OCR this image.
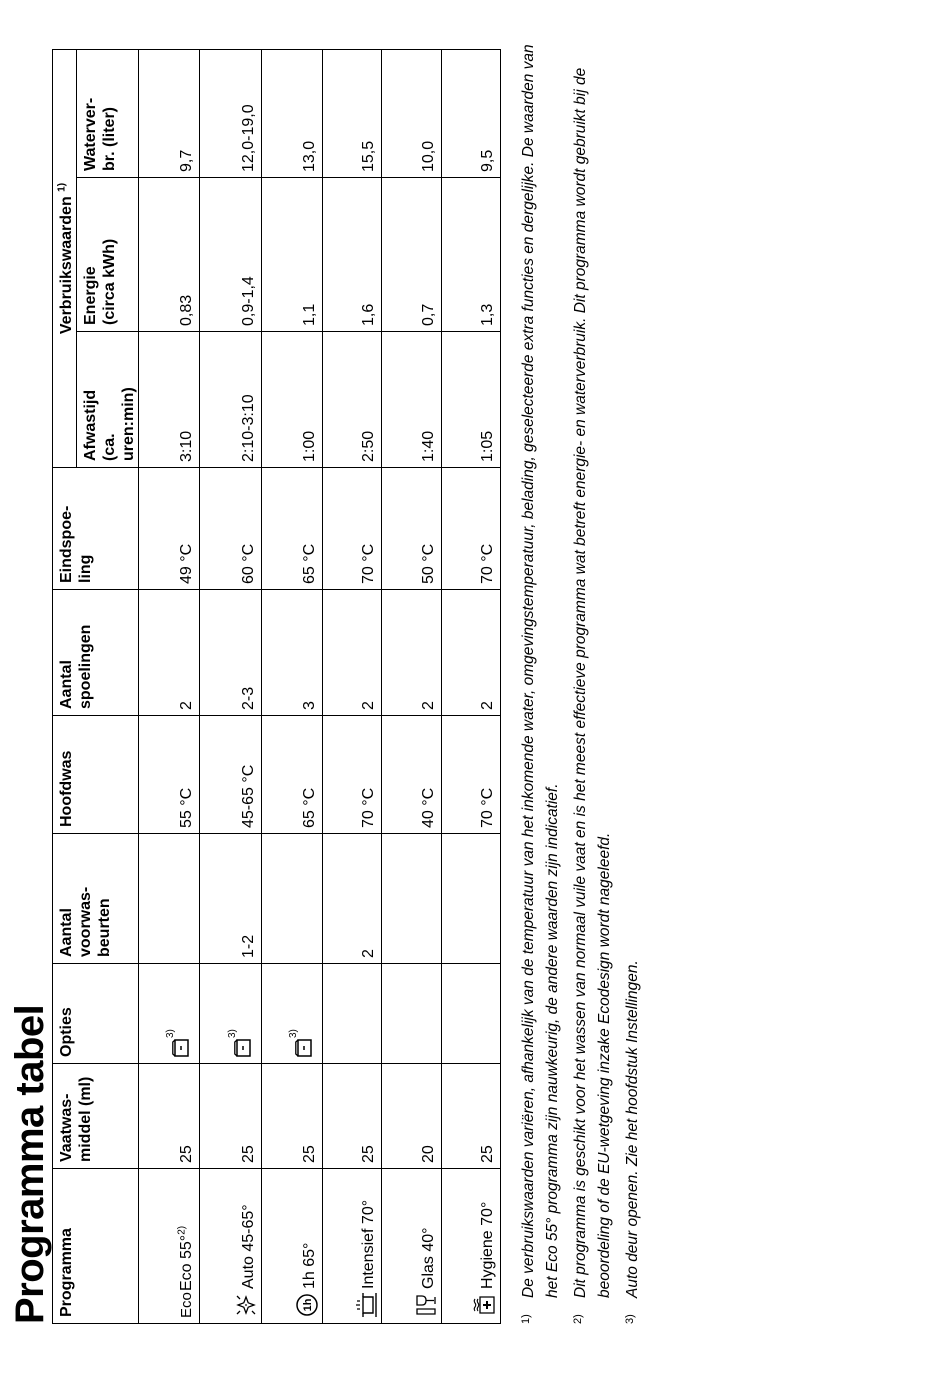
Programma tabel Programma	Vaatwas- middel (ml)	Opties	Aantal voorwas- beurten	Hoofdwas	Aantal spoelingen	Eindspoe- ling	Verbruikswaarden $^{1)}$
							Afwastijd (ca. uren:min)	Energie (circa kWh)	Waterver- br. (liter)

Eco
Eco 55°$^{2)}$	25	3)		55 °C	2	49 °C	3:10	0,83	9,7

Auto 45-65°	25	3)	1-2	45-65 °C	2-3	60 °C	2:10-3:10	0,9-1,4	12,0-19,0

1h
1h 65°	25	3)		65 °C	3	65 °C	1:00	1,1	13,0

Intensief 70°	25		2	70 °C	2	70 °C	2:50	1,6	15,5

Glas 40°	20			40 °C	2	50 °C	1:40	0,7	10,0

Hygiene 70°	25			70 °C	2	70 °C	1:05	1,3	9,5
1)
De verbruikswaarden variëren, afhankelijk van de temperatuur van het inkomende water, omgevingstemperatuur, belading, geselecteerde extra functies en dergelijke. De waarden van het Eco 55° programma zijn nauwkeurig, de andere waarden zijn indicatief.
2)
Dit programma is geschikt voor het wassen van normaal vuile vaat en is het meest effectieve programma wat betreft energie- en waterverbruik. Dit programma wordt gebruikt bij de beoordeling of de EU-wetgeving inzake Ecodesign wordt nageleefd.
3)
Auto deur openen. Zie het hoofdstuk Instellingen.
